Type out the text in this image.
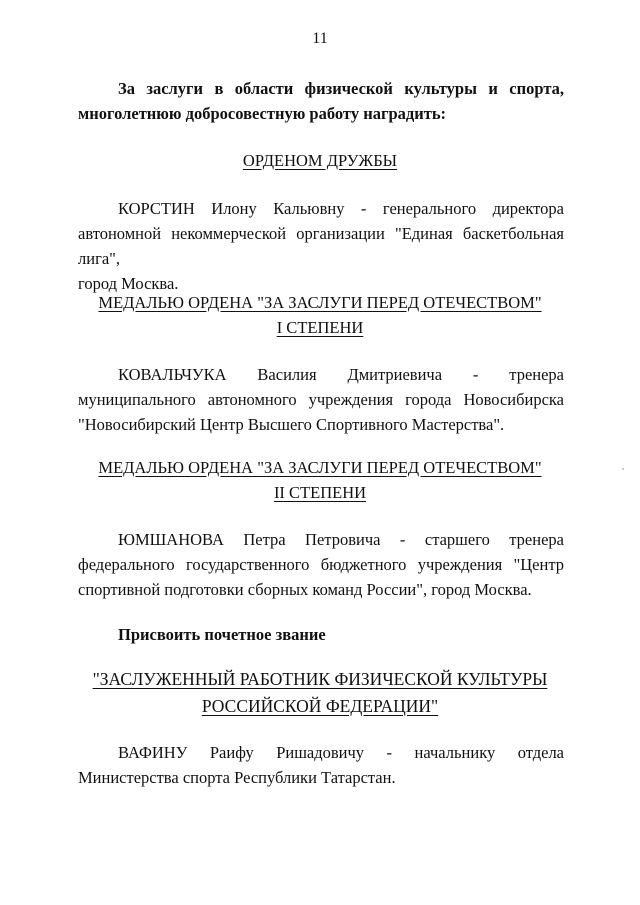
11
За заслуги в области физической культуры и спорта,
многолетнюю добросовестную работу наградить:
ОРДЕНОМ ДРУЖБЫ
КОРСТИН Илону Кальювну - генерального директора
автономной некоммерческой организации "Единая баскетбольная лига",
город Москва.
МЕДАЛЬЮ ОРДЕНА "ЗА ЗАСЛУГИ ПЕРЕД ОТЕЧЕСТВОМ"
I СТЕПЕНИ
КОВАЛЬЧУКА Василия Дмитриевича - тренера
муниципального автономного учреждения города Новосибирска
"Новосибирский Центр Высшего Спортивного Мастерства".
МЕДАЛЬЮ ОРДЕНА "ЗА ЗАСЛУГИ ПЕРЕД ОТЕЧЕСТВОМ"
II СТЕПЕНИ
ЮМШАНОВА Петра Петровича - старшего тренера
федерального государственного бюджетного учреждения "Центр
спортивной подготовки сборных команд России", город Москва.
Присвоить почетное звание
"ЗАСЛУЖЕННЫЙ РАБОТНИК ФИЗИЧЕСКОЙ КУЛЬТУРЫ
РОССИЙСКОЙ ФЕДЕРАЦИИ"
ВАФИНУ Раифу Ришадовичу - начальнику отдела
Министерства спорта Республики Татарстан.
